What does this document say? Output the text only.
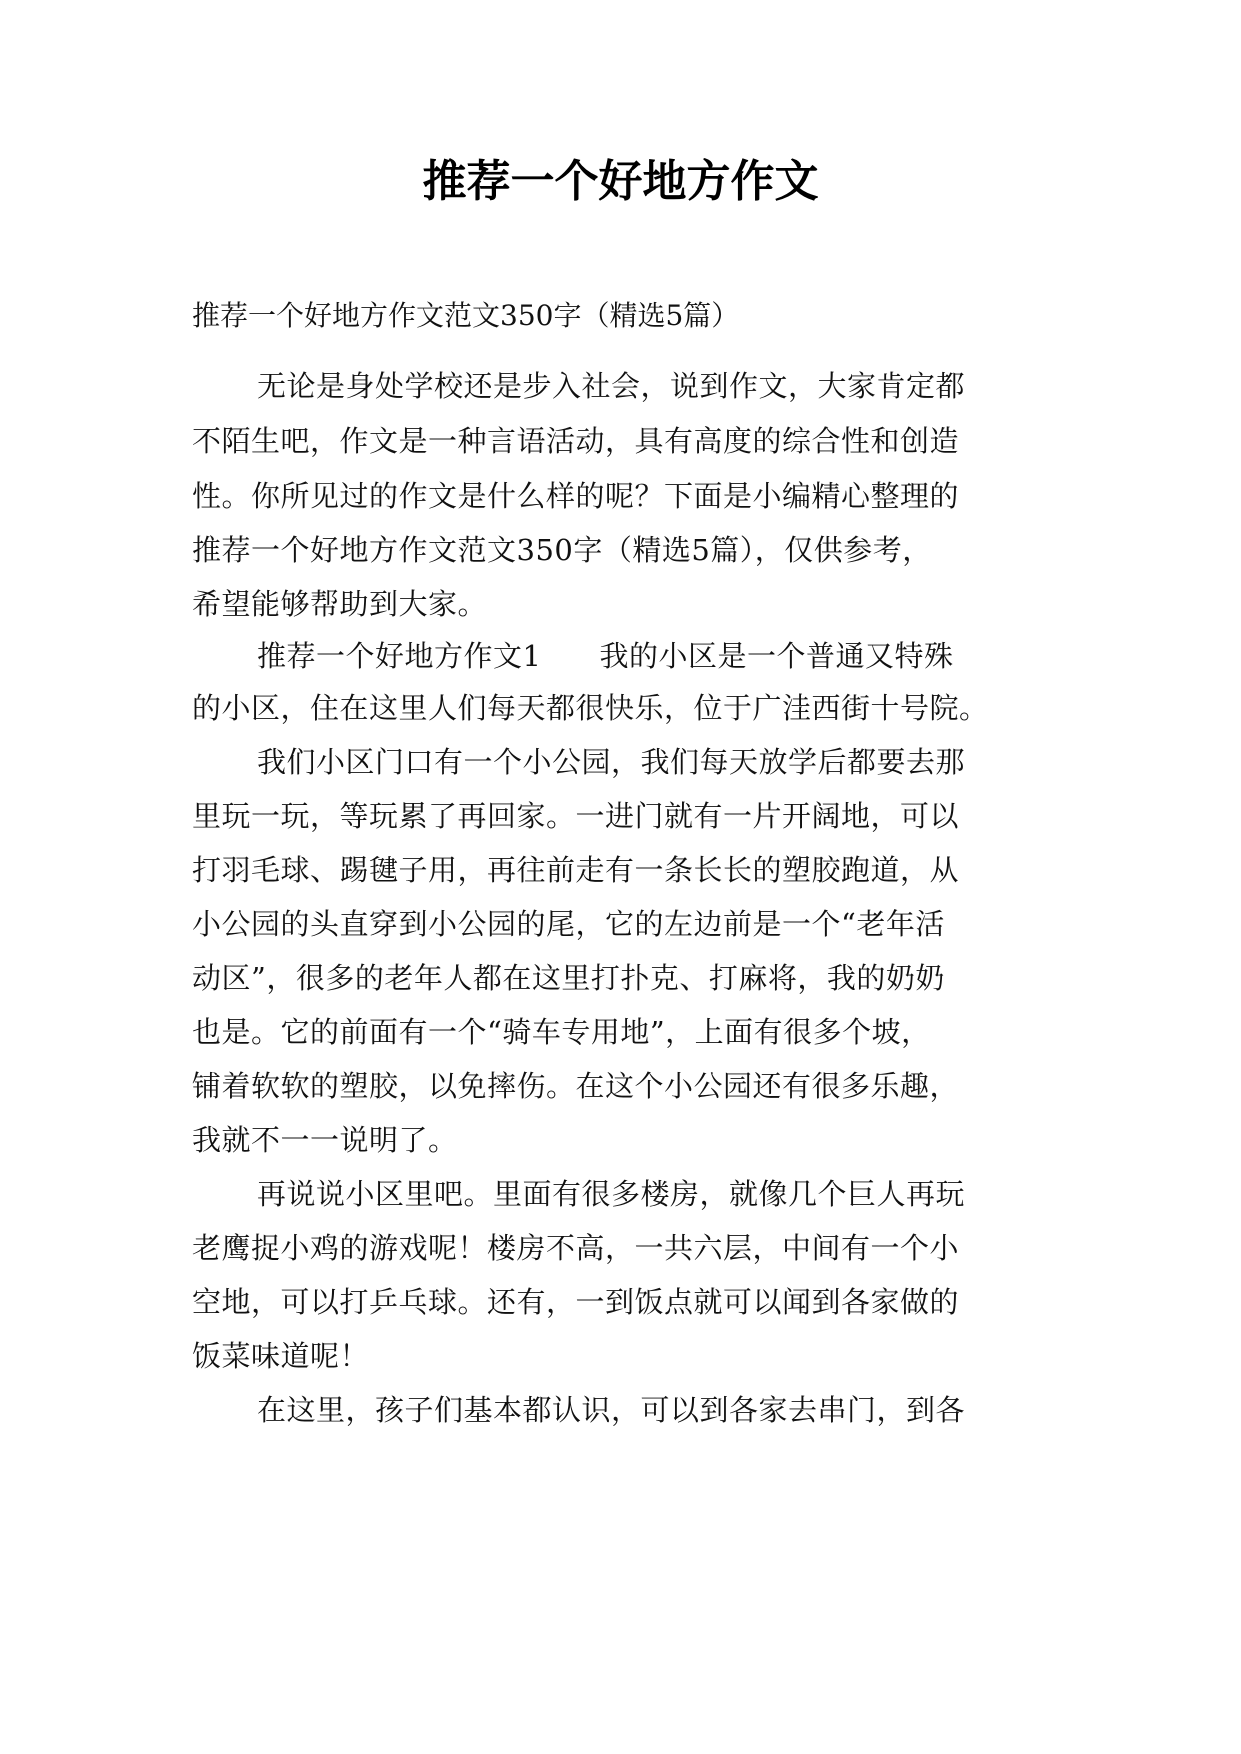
推荐一个好地方作文

推荐一个好地方作文范文350字（精选5篇）

无论是身处学校还是步入社会，说到作文，大家肯定都

不陌生吧，作文是一种言语活动，具有高度的综合性和创造

性。你所见过的作文是什么样的呢？下面是小编精心整理的

推荐一个好地方作文范文350字（精选5篇），仅供参考，

希望能够帮助到大家。

推荐一个好地方作文1 我的小区是一个普通又特殊

的小区，住在这里人们每天都很快乐，位于广洼西街十号院。

我们小区门口有一个小公园，我们每天放学后都要去那

里玩一玩，等玩累了再回家。一进门就有一片开阔地，可以

打羽毛球、踢毽子用，再往前走有一条长长的塑胶跑道，从

小公园的头直穿到小公园的尾，它的左边前是一个“老年活

动区”，很多的老年人都在这里打扑克、打麻将，我的奶奶

也是。它的前面有一个“骑车专用地”，上面有很多个坡，

铺着软软的塑胶，以免摔伤。在这个小公园还有很多乐趣，

我就不一一说明了。

再说说小区里吧。里面有很多楼房，就像几个巨人再玩

老鹰捉小鸡的游戏呢！楼房不高，一共六层，中间有一个小

空地，可以打乒乓球。还有，一到饭点就可以闻到各家做的

饭菜味道呢！

在这里，孩子们基本都认识，可以到各家去串门，到各
